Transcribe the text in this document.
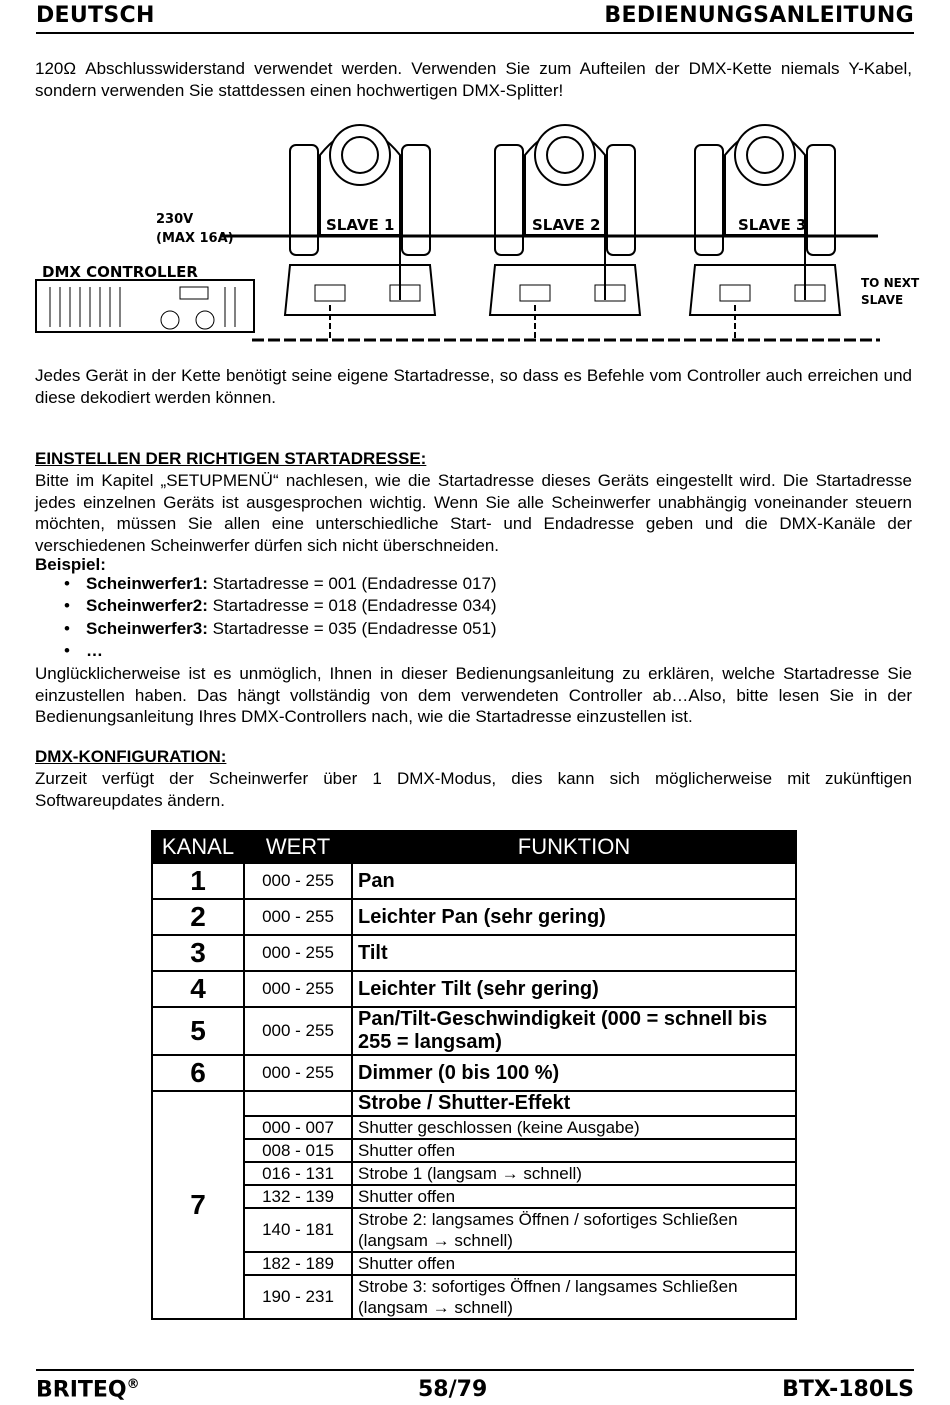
DEUTSCH	BEDIENUNGSANLEITUNG
120Ω Abschlusswiderstand verwendet werden. Verwenden Sie zum Aufteilen der DMX-Kette niemals Y-Kabel, sondern verwenden Sie stattdessen einen hochwertigen DMX-Splitter!
230V
(MAX 16A)
DMX CONTROLLER
SLAVE 1	SLAVE 2	SLAVE 3
TO NEXT
SLAVE
Jedes Gerät in der Kette benötigt seine eigene Startadresse, so dass es Befehle vom Controller auch erreichen und diese dekodiert werden können.
EINSTELLEN DER RICHTIGEN STARTADRESSE:
Bitte im Kapitel „SETUPMENÜ“ nachlesen, wie die Startadresse dieses Geräts eingestellt wird. Die Startadresse jedes einzelnen Geräts ist ausgesprochen wichtig. Wenn Sie alle Scheinwerfer unabhängig voneinander steuern möchten, müssen Sie allen eine unterschiedliche Start- und Endadresse geben und die DMX-Kanäle der verschiedenen Scheinwerfer dürfen sich nicht überschneiden.
Beispiel:
• Scheinwerfer1: Startadresse = 001 (Endadresse 017)
• Scheinwerfer2: Startadresse = 018 (Endadresse 034)
• Scheinwerfer3: Startadresse = 035 (Endadresse 051)
• …
Unglücklicherweise ist es unmöglich, Ihnen in dieser Bedienungsanleitung zu erklären, welche Startadresse Sie einzustellen haben. Das hängt vollständig von dem verwendeten Controller ab…Also, bitte lesen Sie in der Bedienungsanleitung Ihres DMX-Controllers nach, wie die Startadresse einzustellen ist.
DMX-KONFIGURATION:
Zurzeit verfügt der Scheinwerfer über 1 DMX-Modus, dies kann sich möglicherweise mit zukünftigen Softwareupdates ändern.
KANAL	WERT	FUNKTION
1	000 - 255	Pan
2	000 - 255	Leichter Pan (sehr gering)
3	000 - 255	Tilt
4	000 - 255	Leichter Tilt (sehr gering)
5	000 - 255	Pan/Tilt-Geschwindigkeit (000 = schnell bis 255 = langsam)
6	000 - 255	Dimmer (0 bis 100 %)
7		Strobe / Shutter-Effekt
	000 - 007	Shutter geschlossen (keine Ausgabe)
	008 - 015	Shutter offen
	016 - 131	Strobe 1 (langsam → schnell)
	132 - 139	Shutter offen
	140 - 181	Strobe 2: langsames Öffnen / sofortiges Schließen (langsam → schnell)
	182 - 189	Shutter offen
	190 - 231	Strobe 3: sofortiges Öffnen / langsames Schließen (langsam → schnell)
BRITEQ®	58/79	BTX-180LS
